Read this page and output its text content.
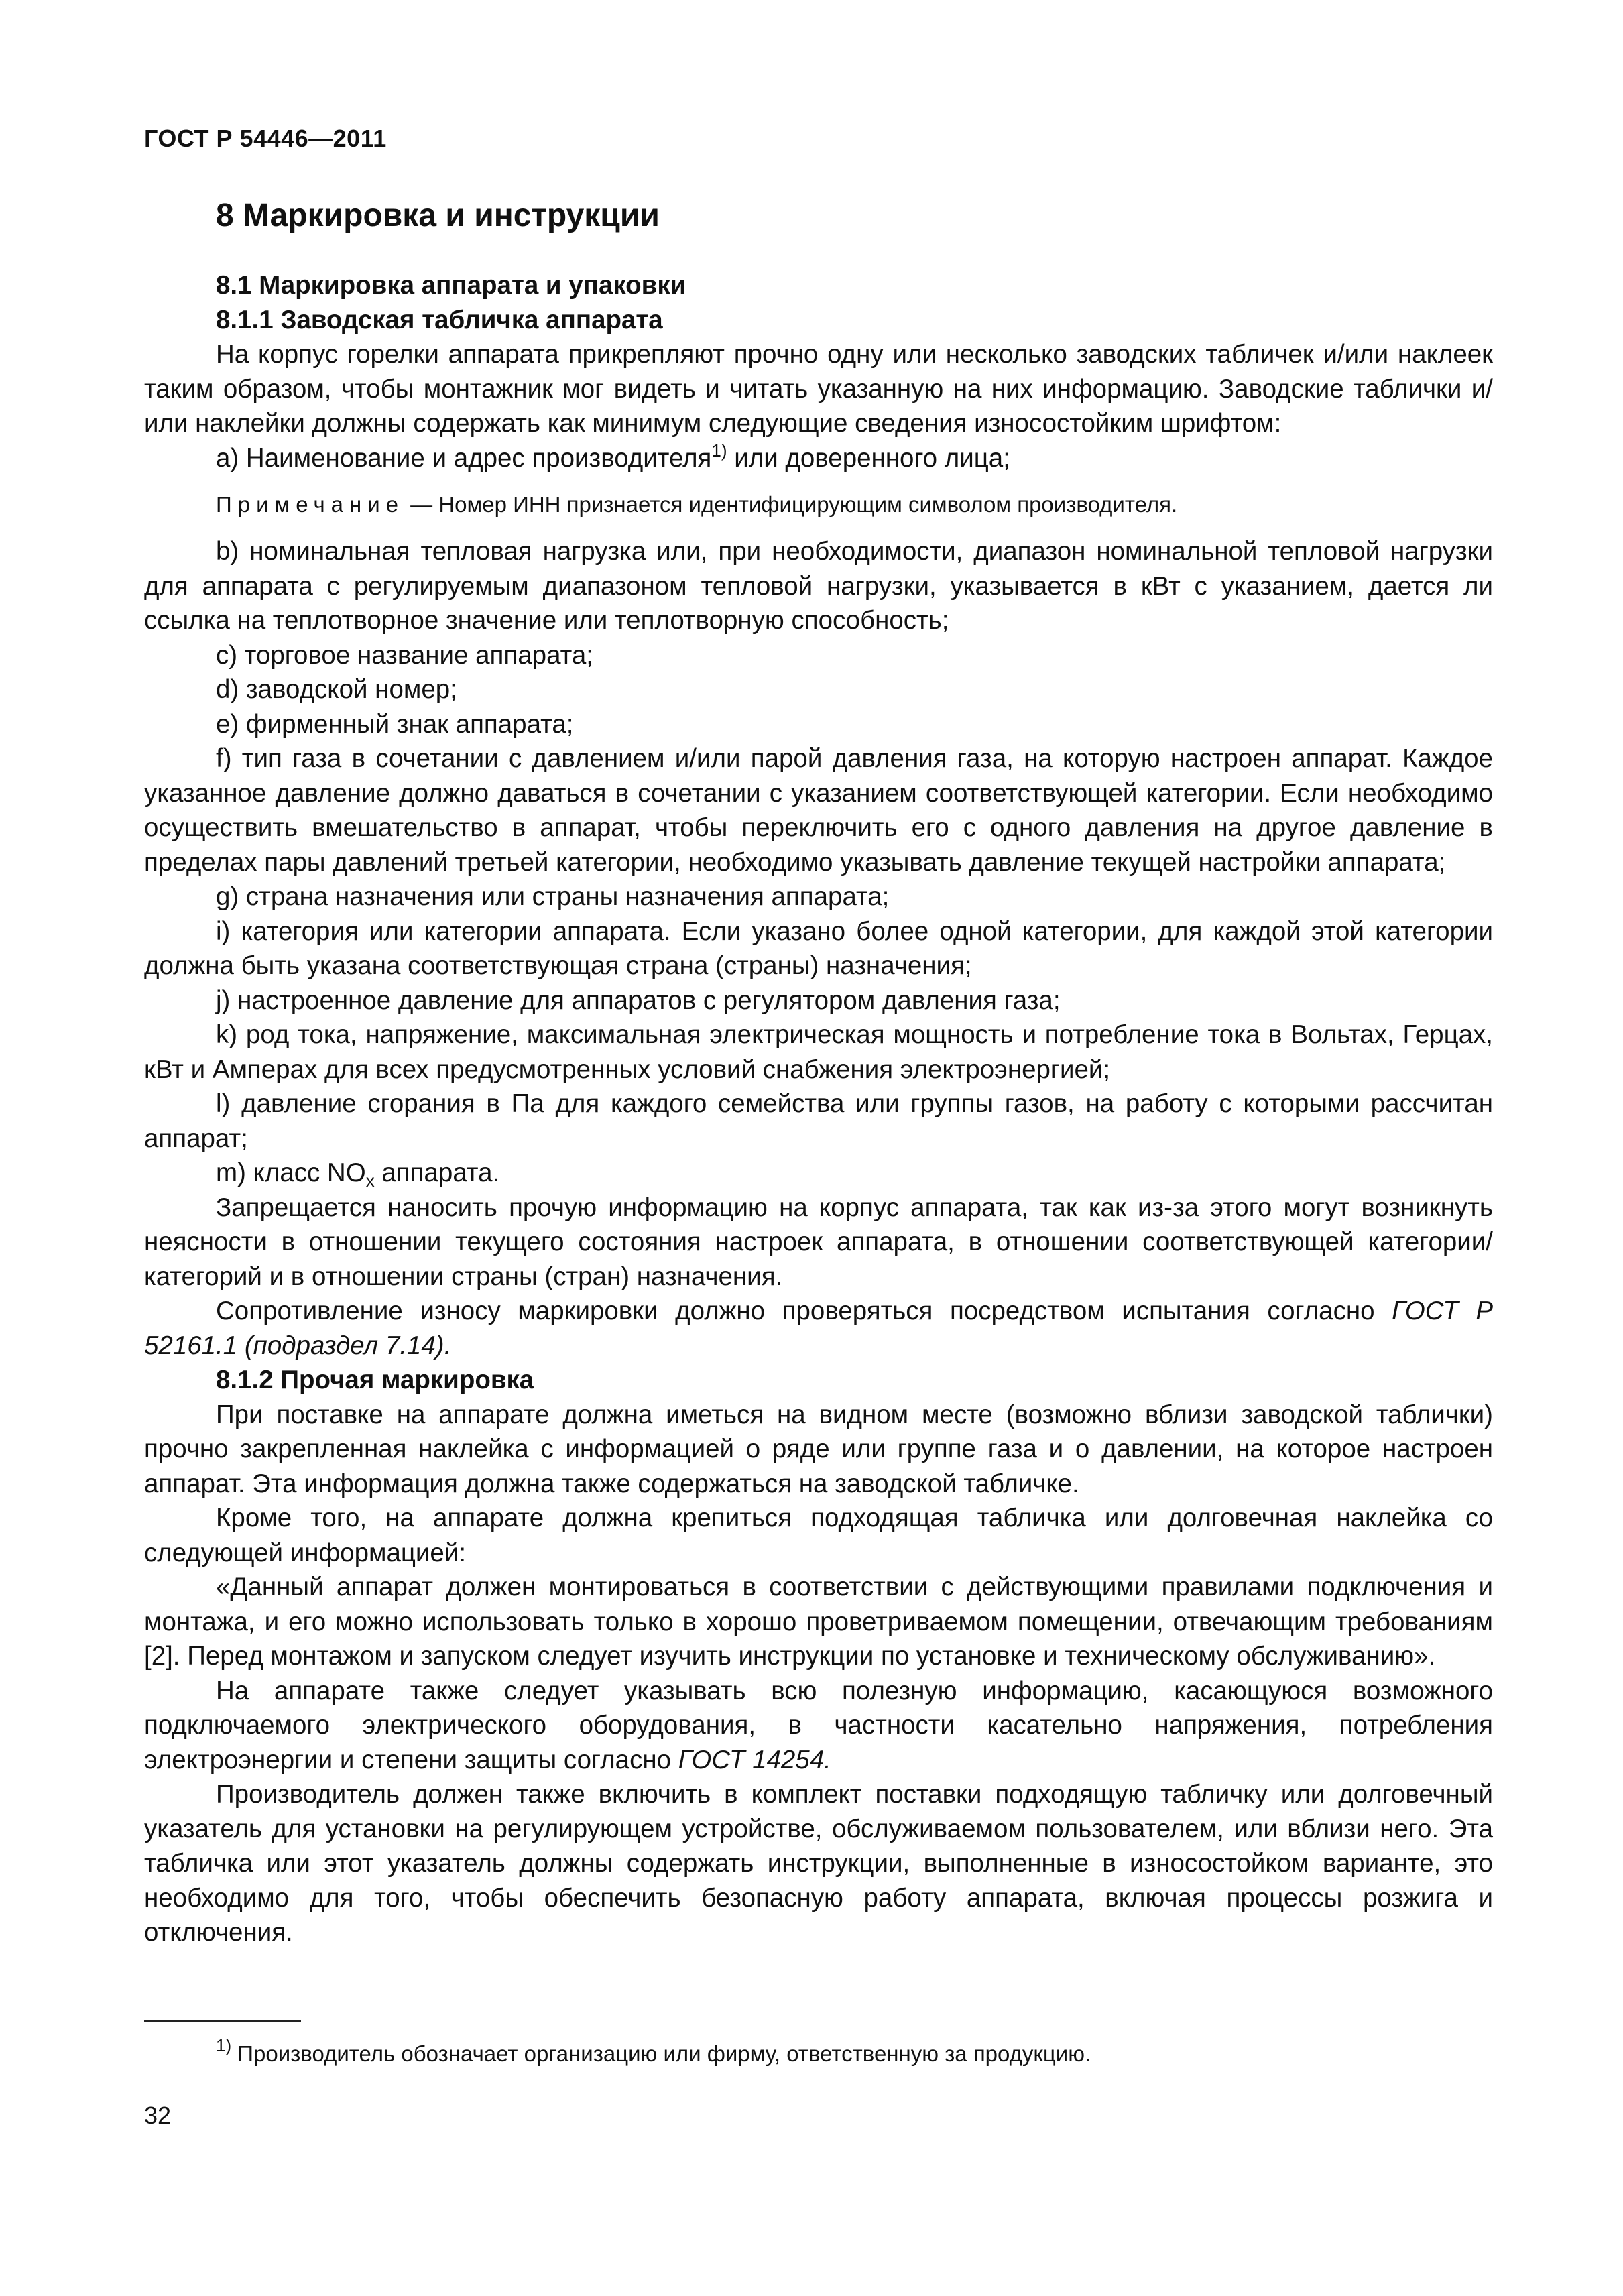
ГОСТ Р 54446—2011
8 Маркировка и инструкции
8.1 Маркировка аппарата и упаковки
8.1.1 Заводская табличка аппарата
На корпус горелки аппарата прикрепляют прочно одну или несколько заводских табличек и/или наклеек таким образом, чтобы монтажник мог видеть и читать указанную на них информацию. Заводские таблички и/или наклейки должны содержать как минимум следующие сведения износостойким шрифтом:
a) Наименование и адрес производителя$^{1)}$ или доверенного лица;
Примечание — Номер ИНН признается идентифицирующим символом производителя.
b) номинальная тепловая нагрузка или, при необходимости, диапазон номинальной тепловой нагрузки для аппарата с регулируемым диапазоном тепловой нагрузки, указывается в кВт с указанием, дается ли ссылка на теплотворное значение или теплотворную способность;
c) торговое название аппарата;
d) заводской номер;
e) фирменный знак аппарата;
f) тип газа в сочетании с давлением и/или парой давления газа, на которую настроен аппарат. Каждое указанное давление должно даваться в сочетании с указанием соответствующей категории. Если необходимо осуществить вмешательство в аппарат, чтобы переключить его с одного давления на другое давление в пределах пары давлений третьей категории, необходимо указывать давление текущей настройки аппарата;
g) страна назначения или страны назначения аппарата;
i) категория или категории аппарата. Если указано более одной категории, для каждой этой категории должна быть указана соответствующая страна (страны) назначения;
j) настроенное давление для аппаратов с регулятором давления газа;
k) род тока, напряжение, максимальная электрическая мощность и потребление тока в Вольтах, Герцах, кВт и Амперах для всех предусмотренных условий снабжения электроэнергией;
l) давление сгорания в Па для каждого семейства или группы газов, на работу с которыми рассчитан аппарат;
m) класс $NO_x$ аппарата.
Запрещается наносить прочую информацию на корпус аппарата, так как из-за этого могут возникнуть неясности в отношении текущего состояния настроек аппарата, в отношении соответствующей категории/категорий и в отношении страны (стран) назначения.
Сопротивление износу маркировки должно проверяться посредством испытания согласно ГОСТ Р 52161.1 (подраздел 7.14).
8.1.2 Прочая маркировка
При поставке на аппарате должна иметься на видном месте (возможно вблизи заводской таблички) прочно закрепленная наклейка с информацией о ряде или группе газа и о давлении, на которое настроен аппарат. Эта информация должна также содержаться на заводской табличке.
Кроме того, на аппарате должна крепиться подходящая табличка или долговечная наклейка со следующей информацией:
«Данный аппарат должен монтироваться в соответствии с действующими правилами подключения и монтажа, и его можно использовать только в хорошо проветриваемом помещении, отвечающим требованиям [2]. Перед монтажом и запуском следует изучить инструкции по установке и техническому обслуживанию».
На аппарате также следует указывать всю полезную информацию, касающуюся возможного подключаемого электрического оборудования, в частности касательно напряжения, потребления электроэнергии и степени защиты согласно ГОСТ 14254.
Производитель должен также включить в комплект поставки подходящую табличку или долговечный указатель для установки на регулирующем устройстве, обслуживаемом пользователем, или вблизи него. Эта табличка или этот указатель должны содержать инструкции, выполненные в износостойком варианте, это необходимо для того, чтобы обеспечить безопасную работу аппарата, включая процессы розжига и отключения.
$^{1)}$ Производитель обозначает организацию или фирму, ответственную за продукцию.
32
